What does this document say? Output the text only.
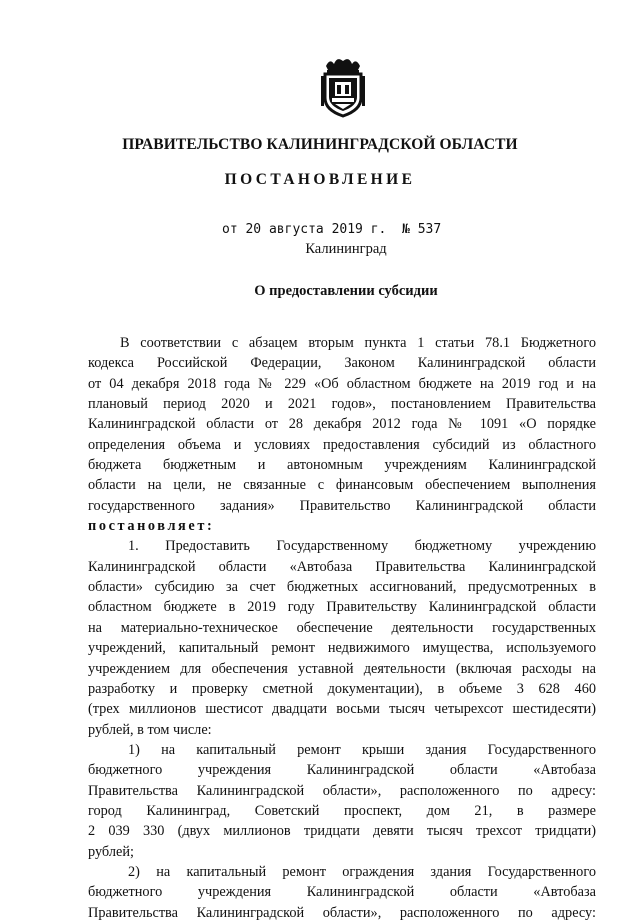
ПРАВИТЕЛЬСТВО КАЛИНИНГРАДСКОЙ ОБЛАСТИ
ПОСТАНОВЛЕНИЕ
от 20 августа 2019 г. № 537
Калининград
О предоставлении субсидии
В соответствии с абзацем вторым пункта 1 статьи 78.1 Бюджетного
кодекса Российской Федерации, Законом Калининградской области
от 04 декабря 2018 года № 229 «Об областном бюджете на 2019 год и на
плановый период 2020 и 2021 годов», постановлением Правительства
Калининградской области от 28 декабря 2012 года № 1091 «О порядке
определения объема и условиях предоставления субсидий из областного
бюджета бюджетным и автономным учреждениям Калининградской
области на цели, не связанные с финансовым обеспечением выполнения
государственного задания» Правительство Калининградской области
постановляет:
1. Предоставить Государственному бюджетному учреждению
Калининградской области «Автобаза Правительства Калининградской
области» субсидию за счет бюджетных ассигнований, предусмотренных в
областном бюджете в 2019 году Правительству Калининградской области
на материально-техническое обеспечение деятельности государственных
учреждений, капитальный ремонт недвижимого имущества, используемого
учреждением для обеспечения уставной деятельности (включая расходы на
разработку и проверку сметной документации), в объеме 3 628 460
(трех миллионов шестисот двадцати восьми тысяч четырехсот шестидесяти)
рублей, в том числе:
1) на капитальный ремонт крыши здания Государственного
бюджетного учреждения Калининградской области «Автобаза
Правительства Калининградской области», расположенного по адресу:
город Калининград, Советский проспект, дом 21, в размере
2 039 330 (двух миллионов тридцати девяти тысяч трехсот тридцати)
рублей;
2) на капитальный ремонт ограждения здания Государственного
бюджетного учреждения Калининградской области «Автобаза
Правительства Калининградской области», расположенного по адресу:
